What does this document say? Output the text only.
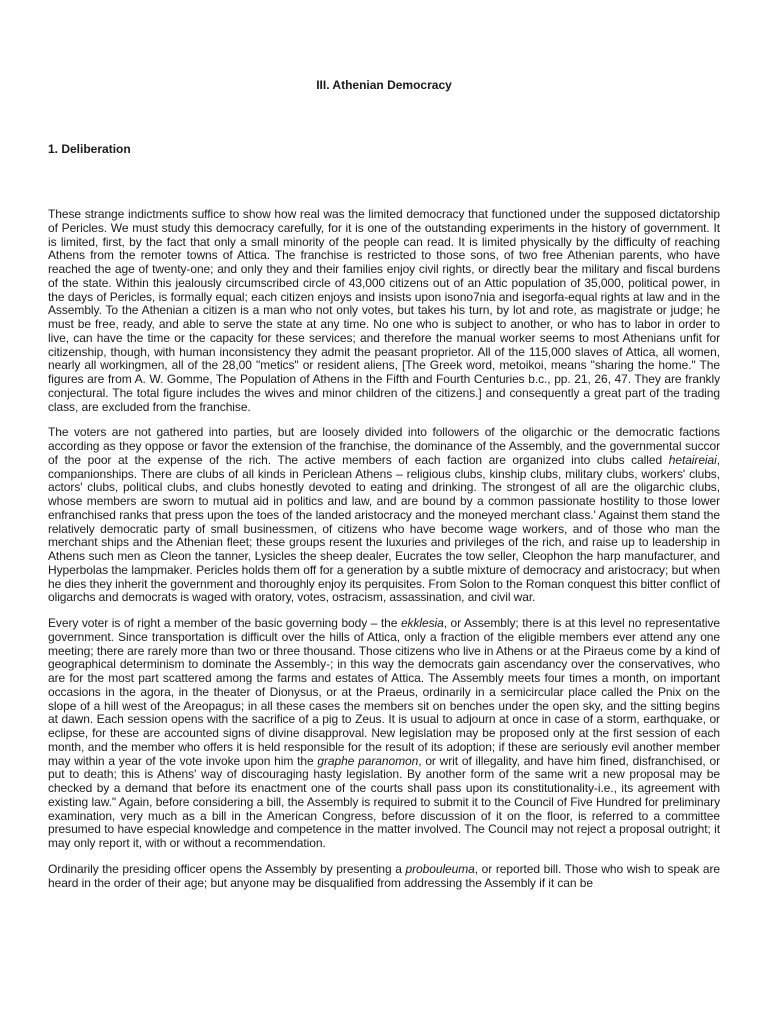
III. Athenian Democracy
1. Deliberation

These strange indictments suffice to show how real was the limited democracy that functioned under the supposed dictatorship of Pericles. We must study this democracy carefully, for it is one of the outstanding experiments in the history of government. It is limited, first, by the fact that only a small minority of the people can read. It is limited physically by the difficulty of reaching Athens from the remoter towns of Attica. The franchise is restricted to those sons, of two free Athenian parents, who have reached the age of twenty-one; and only they and their families enjoy civil rights, or directly bear the military and fiscal burdens of the state. Within this jealously circumscribed circle of 43,000 citizens out of an Attic population of 35,000, political power, in the days of Pericles, is formally equal; each citizen enjoys and insists upon isono7nia and isegorfa-equal rights at law and in the Assembly. To the Athenian a citizen is a man who not only votes, but takes his turn, by lot and rote, as magistrate or judge; he must be free, ready, and able to serve the state at any time. No one who is subject to another, or who has to labor in order to live, can have the time or the capacity for these services; and therefore the manual worker seems to most Athenians unfit for citizenship, though, with human inconsistency they admit the peasant proprietor. All of the 115,000 slaves of Attica, all women, nearly all workingmen, all of the 28,00 "metics" or resident aliens, [The Greek word, metoikoi, means "sharing the home." The figures are from A. W. Gomme, The Population of Athens in the Fifth and Fourth Centuries b.c., pp. 21, 26, 47. They are frankly conjectural. The total figure includes the wives and minor children of the citizens.] and consequently a great part of the trading class, are excluded from the franchise.

The voters are not gathered into parties, but are loosely divided into followers of the oligarchic or the democratic factions according as they oppose or favor the extension of the franchise, the dominance of the Assembly, and the governmental succor of the poor at the expense of the rich. The active members of each faction are organized into clubs called hetaireiai, companionships. There are clubs of all kinds in Periclean Athens – religious clubs, kinship clubs, military clubs, workers' clubs, actors' clubs, political clubs, and clubs honestly devoted to eating and drinking. The strongest of all are the oligarchic clubs, whose members are sworn to mutual aid in politics and law, and are bound by a common passionate hostility to those lower enfranchised ranks that press upon the toes of the landed aristocracy and the moneyed merchant class.' Against them stand the relatively democratic party of small businessmen, of citizens who have become wage workers, and of those who man the merchant ships and the Athenian fleet; these groups resent the luxuries and privileges of the rich, and raise up to leadership in Athens such men as Cleon the tanner, Lysicles the sheep dealer, Eucrates the tow seller, Cleophon the harp manufacturer, and Hyperbolas the lampmaker. Pericles holds them off for a generation by a subtle mixture of democracy and aristocracy; but when he dies they inherit the government and thoroughly enjoy its perquisites. From Solon to the Roman conquest this bitter conflict of oligarchs and democrats is waged with oratory, votes, ostracism, assassination, and civil war.

Every voter is of right a member of the basic governing body – the ekklesia, or Assembly; there is at this level no representative government. Since transportation is difficult over the hills of Attica, only a fraction of the eligible members ever attend any one meeting; there are rarely more than two or three thousand. Those citizens who live in Athens or at the Piraeus come by a kind of geographical determinism to dominate the Assembly-; in this way the democrats gain ascendancy over the conservatives, who are for the most part scattered among the farms and estates of Attica. The Assembly meets four times a month, on important occasions in the agora, in the theater of Dionysus, or at the Praeus, ordinarily in a semicircular place called the Pnix on the slope of a hill west of the Areopagus; in all these cases the members sit on benches under the open sky, and the sitting begins at dawn. Each session opens with the sacrifice of a pig to Zeus. It is usual to adjourn at once in case of a storm, earthquake, or eclipse, for these are accounted signs of divine disapproval. New legislation may be proposed only at the first session of each month, and the member who offers it is held responsible for the result of its adoption; if these are seriously evil another member may within a year of the vote invoke upon him the graphe paranomon, or writ of illegality, and have him fined, disfranchised, or put to death; this is Athens' way of discouraging hasty legislation. By another form of the same writ a new proposal may be checked by a demand that before its enactment one of the courts shall pass upon its constitutionality-i.e., its agreement with existing law." Again, before considering a bill, the Assembly is required to submit it to the Council of Five Hundred for preliminary examination, very much as a bill in the American Congress, before discussion of it on the floor, is referred to a committee presumed to have especial knowledge and competence in the matter involved. The Council may not reject a proposal outright; it may only report it, with or without a recommendation.

Ordinarily the presiding officer opens the Assembly by presenting a probouleuma, or reported bill. Those who wish to speak are heard in the order of their age; but anyone may be disqualified from addressing the Assembly if it can be
